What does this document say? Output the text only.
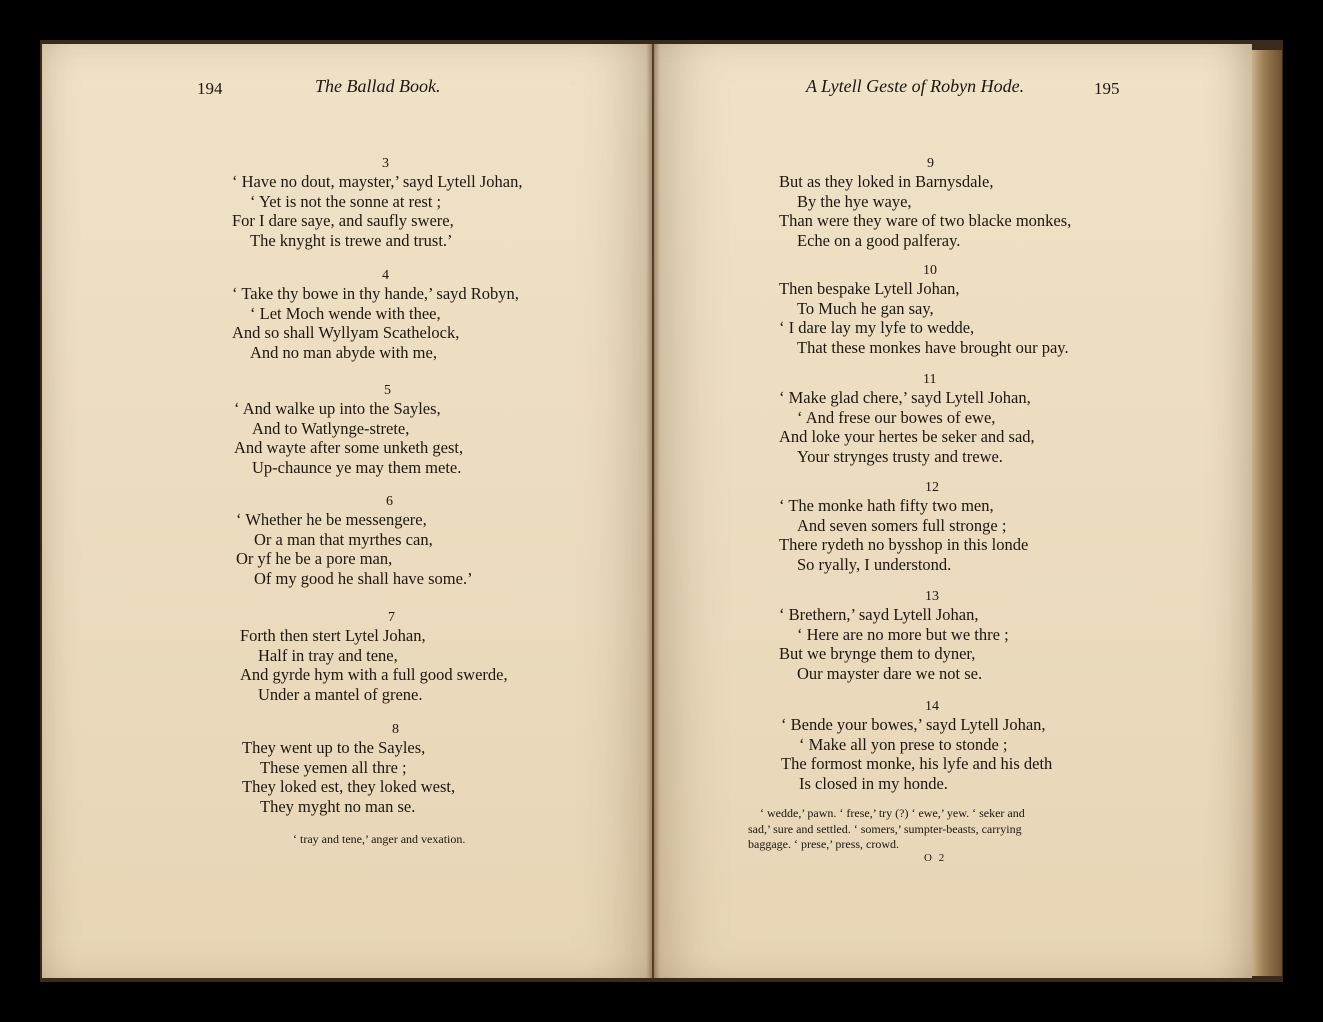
194	The Ballad Book.	A Lytell Geste of Robyn Hode.	195
3
‘ Have no dout, mayster,’ sayd Lytell Johan,
‘ Yet is not the sonne at rest ;
For I dare saye, and saufly swere,
The knyght is trewe and trust.’
4
‘ Take thy bowe in thy hande,’ sayd Robyn,
‘ Let Moch wende with thee,
And so shall Wyllyam Scathelock,
And no man abyde with me,
5
‘ And walke up into the Sayles,
And to Watlynge-strete,
And wayte after some unketh gest,
Up-chaunce ye may them mete.
6
‘ Whether he be messengere,
Or a man that myrthes can,
Or yf he be a pore man,
Of my good he shall have some.’
7
Forth then stert Lytel Johan,
Half in tray and tene,
And gyrde hym with a full good swerde,
Under a mantel of grene.
8
They went up to the Sayles,
These yemen all thre ;
They loked est, they loked west,
They myght no man se.
‘ tray and tene,’ anger and vexation.
9
But as they loked in Barnysdale,
By the hye waye,
Than were they ware of two blacke monkes,
Eche on a good palferay.
10
Then bespake Lytell Johan,
To Much he gan say,
‘ I dare lay my lyfe to wedde,
That these monkes have brought our pay.
11
‘ Make glad chere,’ sayd Lytell Johan,
‘ And frese our bowes of ewe,
And loke your hertes be seker and sad,
Your strynges trusty and trewe.
12
‘ The monke hath fifty two men,
And seven somers full stronge ;
There rydeth no bysshop in this londe
So ryally, I understond.
13
‘ Brethern,’ sayd Lytell Johan,
‘ Here are no more but we thre ;
But we brynge them to dyner,
Our mayster dare we not se.
14
‘ Bende your bowes,’ sayd Lytell Johan,
‘ Make all yon prese to stonde ;
The formost monke, his lyfe and his deth
Is closed in my honde.
‘ wedde,’ pawn. ‘ frese,’ try (?) ‘ ewe,’ yew. ‘ seker and
sad,’ sure and settled. ‘ somers,’ sumpter-beasts, carrying
baggage. ‘ prese,’ press, crowd.
O 2
